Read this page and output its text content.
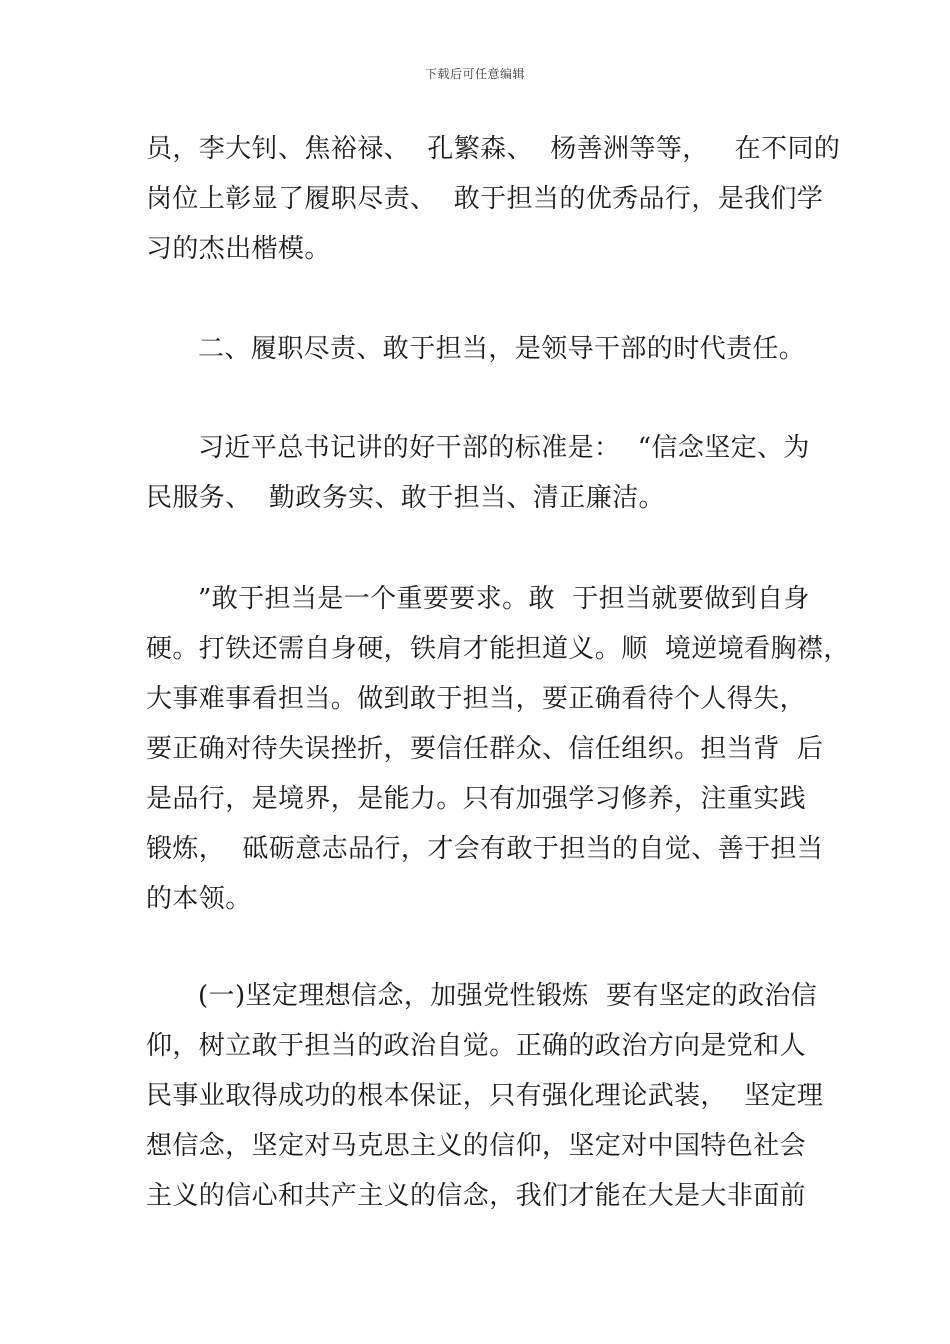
下载后可任意编辑
员，李大钊、焦裕禄、  孔繁森、  杨善洲等等，   在不同的
岗位上彰显了履职尽责、  敢于担当的优秀品行，是我们学
习的杰出楷模。
二、履职尽责、敢于担当，是领导干部的时代责任。
习近平总书记讲的好干部的标准是：  “信念坚定、为
民服务、  勤政务实、敢于担当、清正廉洁。
”敢于担当是一个重要要求。敢  于担当就要做到自身
硬。打铁还需自身硬，铁肩才能担道义。顺  境逆境看胸襟，
大事难事看担当。做到敢于担当，要正确看待个人得失，
要正确对待失误挫折，要信任群众、信任组织。担当背  后
是品行，是境界，是能力。只有加强学习修养，注重实践
锻炼，  砥砺意志品行，才会有敢于担当的自觉、善于担当
的本领。
(一)坚定理想信念，加强党性锻炼  要有坚定的政治信
仰，树立敢于担当的政治自觉。正确的政治方向是党和人
民事业取得成功的根本保证，只有强化理论武装，  坚定理
想信念，坚定对马克思主义的信仰，坚定对中国特色社会
主义的信心和共产主义的信念，我们才能在大是大非面前
